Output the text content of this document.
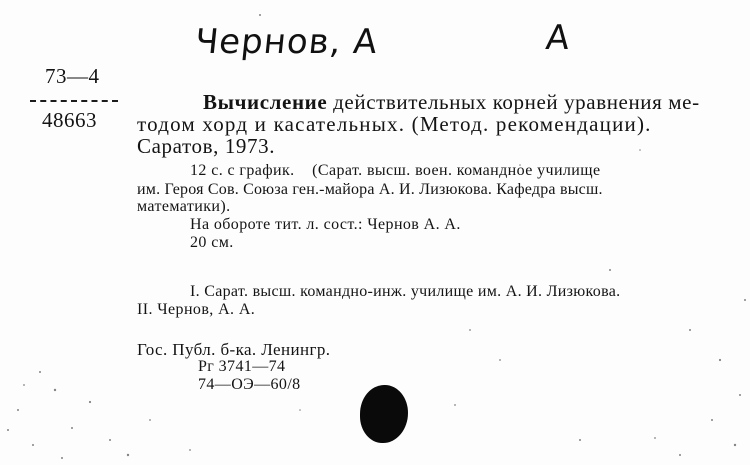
Чернов, А	А
73—4
48663
Вычисление действительных корней уравнения ме-
тодом хорд и касательных. (Метод. рекомендации).
Саратов, 1973.
12 с. с график.    (Сарат. высш. воен. командное училище
им. Героя Сов. Союза ген.-майора А. И. Лизюкова. Кафедра высш.
математики).
На обороте тит. л. сост.: Чернов А. А.
20 см.
I. Сарат. высш. командно-инж. училище им. А. И. Лизюкова.
II. Чернов, А. А.
Гос. Публ. б-ка. Ленингр.
Рг 3741—74
74—ОЭ—60/8
